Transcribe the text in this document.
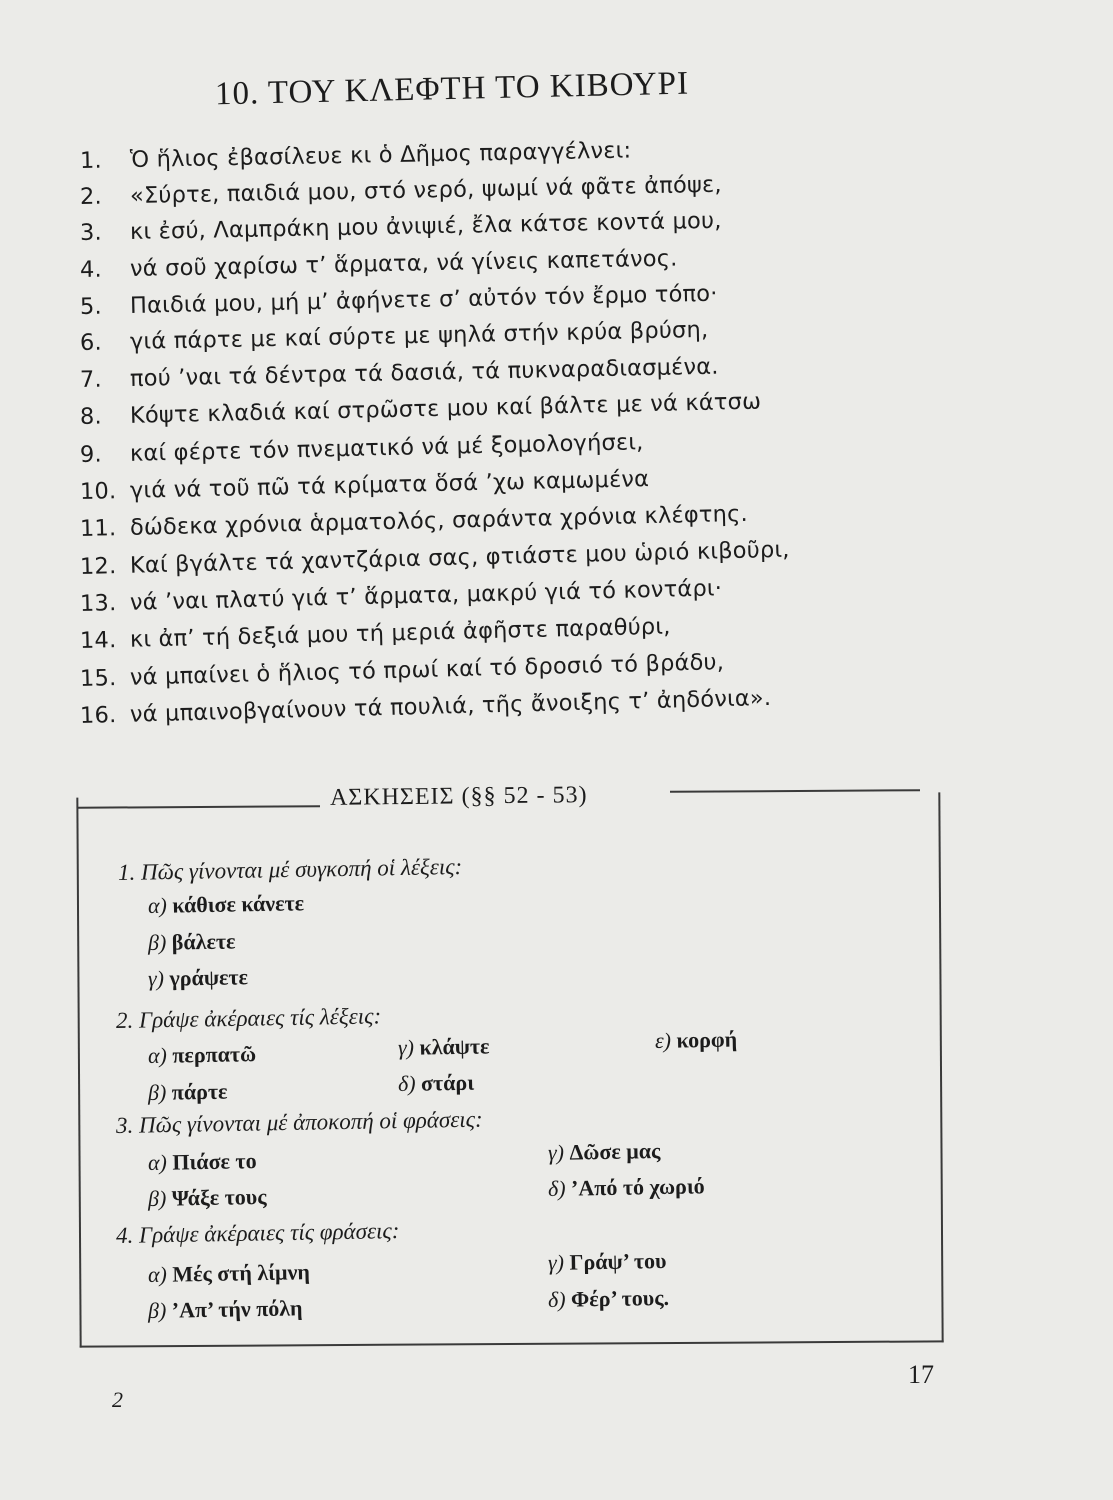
10. ΤΟΥ ΚΛΕΦΤΗ ΤΟ ΚΙΒΟΥΡΙ
1. Ὁ ἥλιος ἐβασίλευε κι ὁ Δῆμος παραγγέλνει:
2. «Σύρτε, παιδιά μου, στό νερό, ψωμί νά φᾶτε ἀπόψε,
3. κι ἐσύ, Λαμπράκη μου ἀνιψιέ, ἔλα κάτσε κοντά μου,
4. νά σοῦ χαρίσω τ’ ἅρματα, νά γίνεις καπετάνος.
5. Παιδιά μου, μή μ’ ἀφήνετε σ’ αὐτόν τόν ἔρμο τόπο·
6. γιά πάρτε με καί σύρτε με ψηλά στήν κρύα βρύση,
7. πού ’ναι τά δέντρα τά δασιά, τά πυκναραδιασμένα.
8. Κόψτε κλαδιά καί στρῶστε μου καί βάλτε με νά κάτσω
9. καί φέρτε τόν πνεματικό νά μέ ξομολογήσει,
10. γιά νά τοῦ πῶ τά κρίματα ὅσά ’χω καμωμένα
11. δώδεκα χρόνια ἁρματολός, σαράντα χρόνια κλέφτης.
12. Καί βγάλτε τά χαντζάρια σας, φτιάστε μου ὡριό κιβοῦρι,
13. νά ’ναι πλατύ γιά τ’ ἅρματα, μακρύ γιά τό κοντάρι·
14. κι ἀπ’ τή δεξιά μου τή μεριά ἀφῆστε παραθύρι,
15. νά μπαίνει ὁ ἥλιος τό πρωί καί τό δροσιό τό βράδυ,
16. νά μπαινοβγαίνουν τά πουλιά, τῆς ἄνοιξης τ’ ἀηδόνια».
ΑΣΚΗΣΕΙΣ (§§ 52 - 53)
1. Πῶς γίνονται μέ συγκοπή οἱ λέξεις:
α) κάθισε κάνετε
β) βάλετε
γ) γράψετε
2. Γράψε ἀκέραιες τίς λέξεις:
α) περπατῶ
β) πάρτε
γ) κλάψτε
δ) στάρι
ε) κορφή
3. Πῶς γίνονται μέ ἀποκοπή οἱ φράσεις:
α) Πιάσε το
β) Ψάξε τους
γ) Δῶσε μας
δ) ’Από τό χωριό
4. Γράψε ἀκέραιες τίς φράσεις:
α) Μές στή λίμνη
β) ’Απ’ τήν πόλη
γ) Γράψ’ του
δ) Φέρ’ τους.
17
2
